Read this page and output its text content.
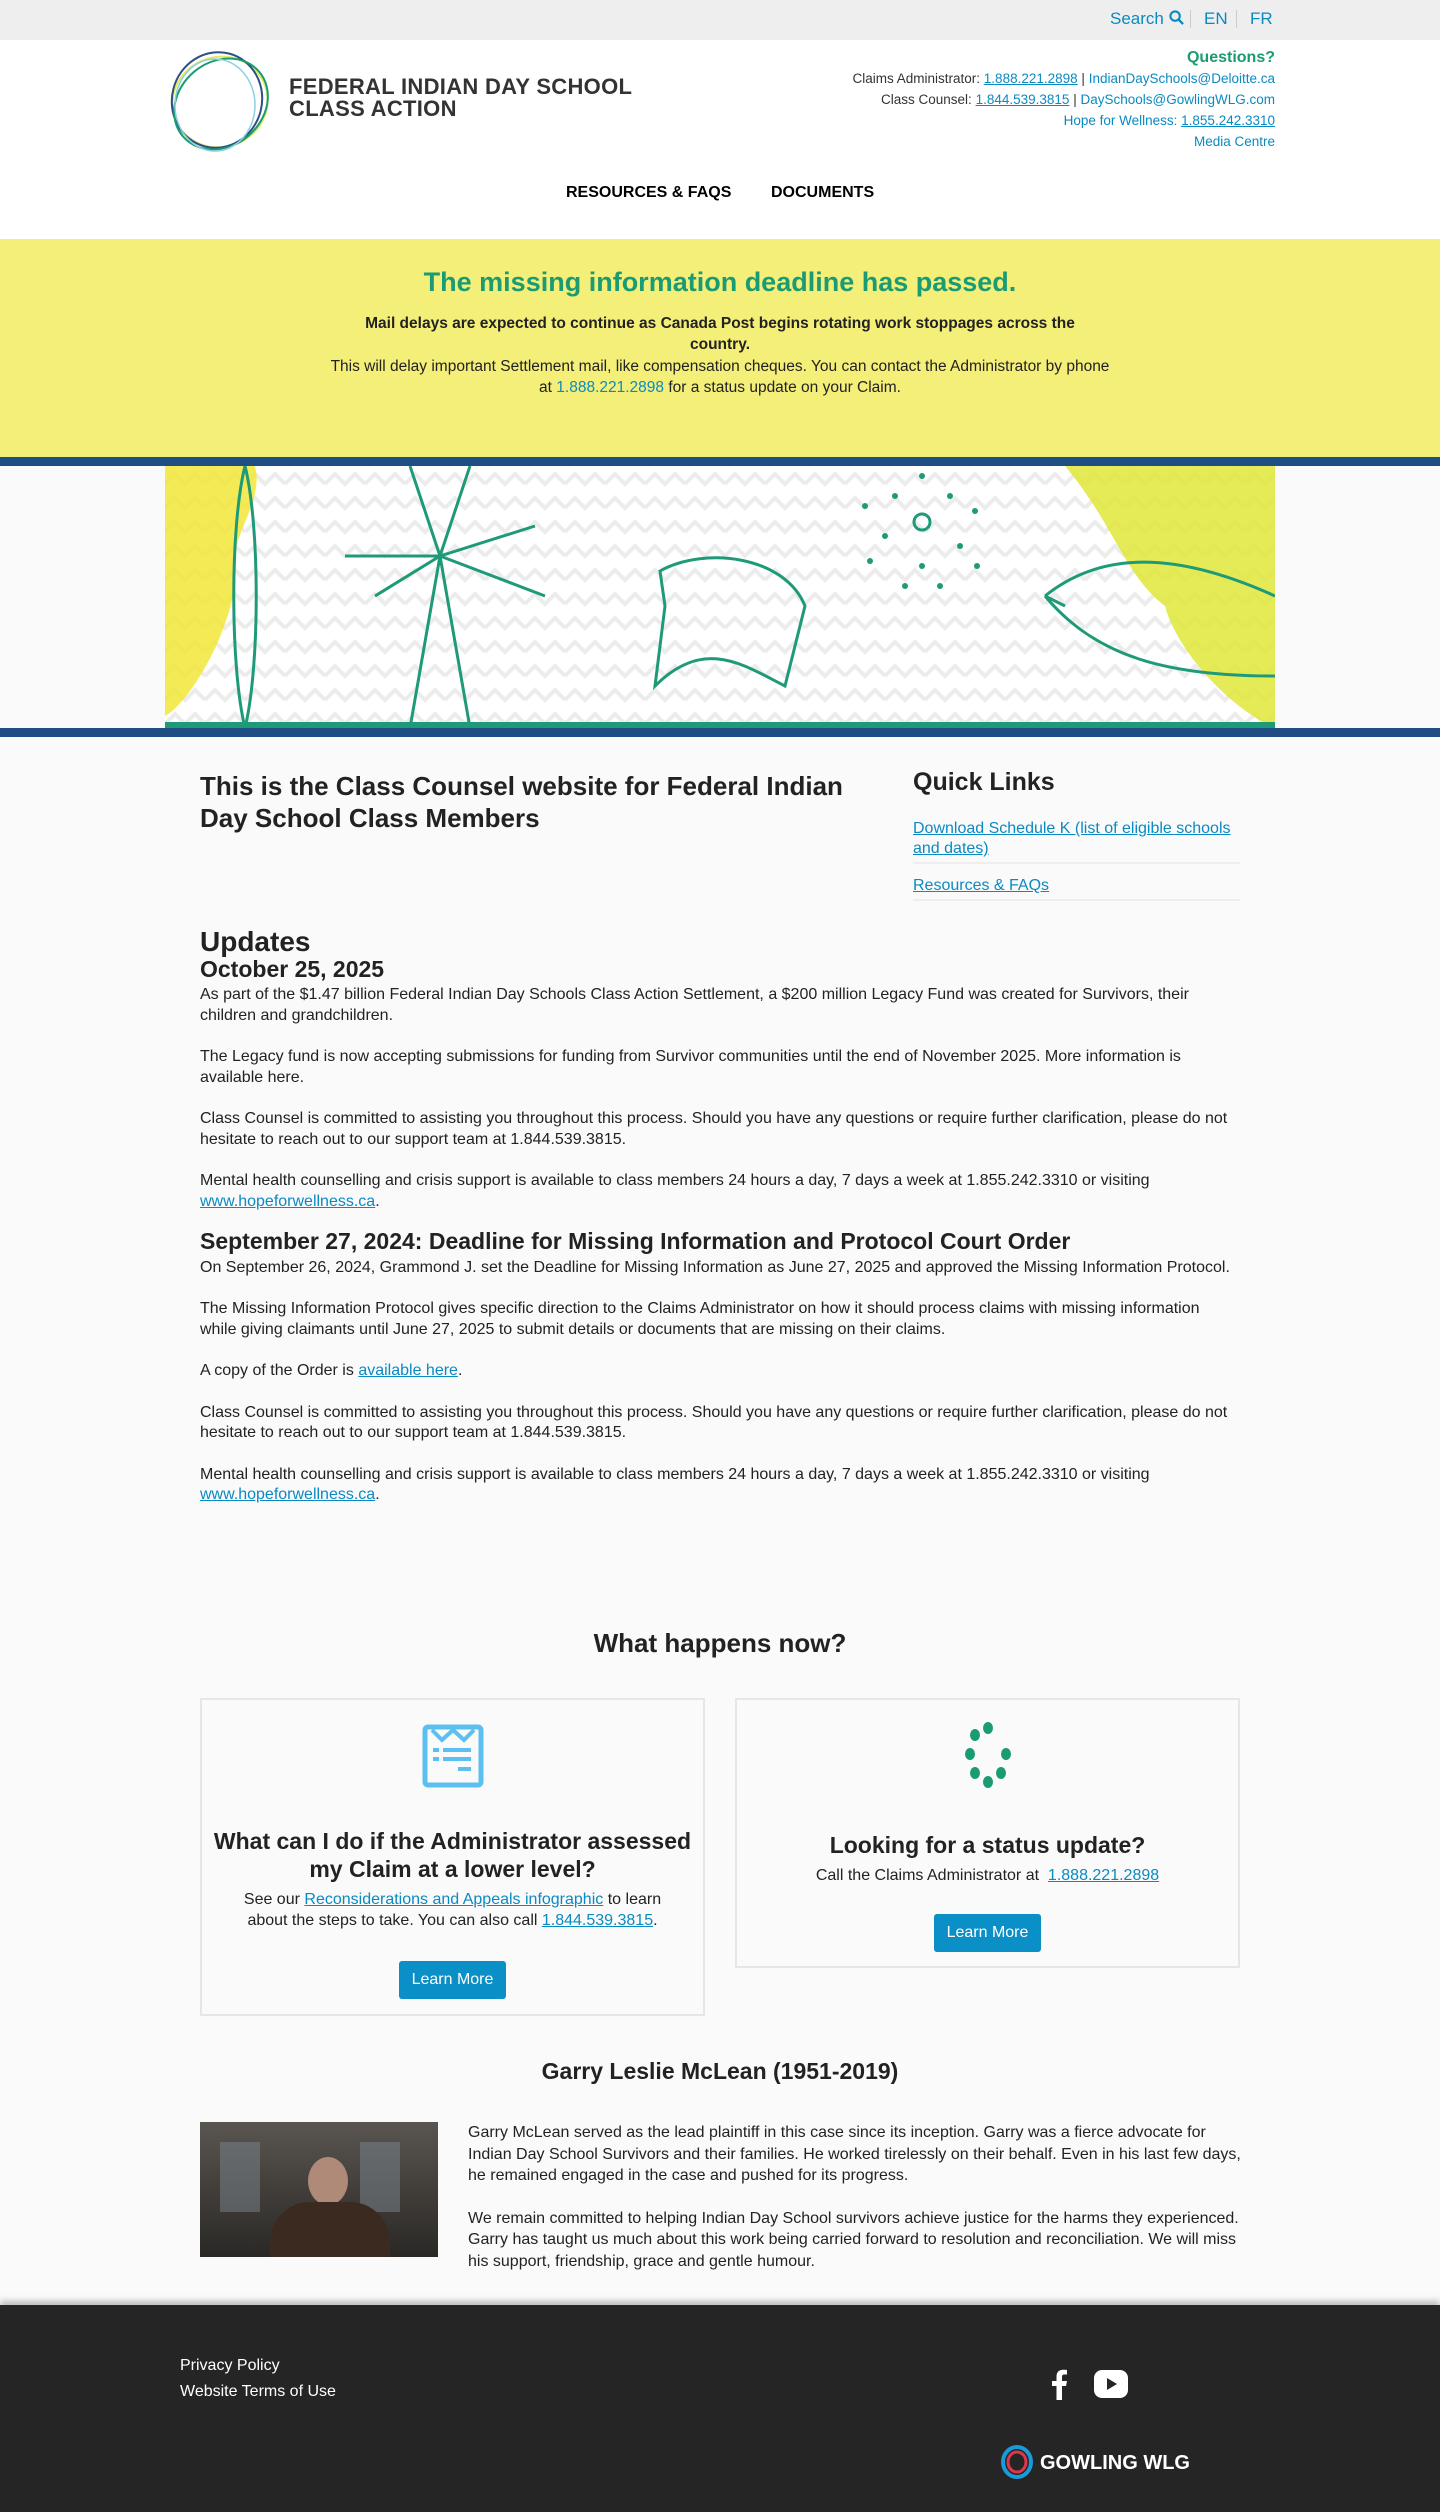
Search	EN FR
FEDERAL INDIAN DAY SCHOOL
CLASS ACTION
Questions?
Claims Administrator: 1.888.221.2898 | IndianDaySchools@Deloitte.ca
Class Counsel: 1.844.539.3815 | DaySchools@GowlingWLG.com
Hope for Wellness: 1.855.242.3310
Media Centre
RESOURCES & FAQS DOCUMENTS
The missing information deadline has passed.
Mail delays are expected to continue as Canada Post begins rotating work stoppages across the country.
This will delay important Settlement mail, like compensation cheques. You can contact the Administrator by phone at 1.888.221.2898 for a status update on your Claim.
This is the Class Counsel website for Federal Indian Day School Class Members
Quick Links
Download Schedule K (list of eligible schools and dates)
Resources & FAQs
Updates
October 25, 2025

As part of the $1.47 billion Federal Indian Day Schools Class Action Settlement, a $200 million Legacy Fund was created for Survivors, their children and grandchildren.

The Legacy fund is now accepting submissions for funding from Survivor communities until the end of November 2025. More information is available here.

Class Counsel is committed to assisting you throughout this process. Should you have any questions or require further clarification, please do not hesitate to reach out to our support team at 1.844.539.3815.

Mental health counselling and crisis support is available to class members 24 hours a day, 7 days a week at 1.855.242.3310 or visiting www.hopeforwellness.ca.

September 27, 2024: Deadline for Missing Information and Protocol Court Order

On September 26, 2024, Grammond J. set the Deadline for Missing Information as June 27, 2025 and approved the Missing Information Protocol.

The Missing Information Protocol gives specific direction to the Claims Administrator on how it should process claims with missing information while giving claimants until June 27, 2025 to submit details or documents that are missing on their claims.

A copy of the Order is available here.

Class Counsel is committed to assisting you throughout this process. Should you have any questions or require further clarification, please do not hesitate to reach out to our support team at 1.844.539.3815.

Mental health counselling and crisis support is available to class members 24 hours a day, 7 days a week at 1.855.242.3310 or visiting www.hopeforwellness.ca.

What happens now?
What can I do if the Administrator assessed my Claim at a lower level?

See our Reconsiderations and Appeals infographic to learn about the steps to take. You can also call 1.844.539.3815.

Learn More
Looking for a status update?

Call the Claims Administrator at 1.888.221.2898

Learn More
Garry Leslie McLean (1951-2019)

Garry McLean served as the lead plaintiff in this case since its inception. Garry was a fierce advocate for Indian Day School Survivors and their families. He worked tirelessly on their behalf. Even in his last few days, he remained engaged in the case and pushed for its progress.

We remain committed to helping Indian Day School survivors achieve justice for the harms they experienced. Garry has taught us much about this work being carried forward to resolution and reconciliation. We will miss his support, friendship, grace and gentle humour.

Privacy Policy
Website Terms of Use
GOWLING WLG
